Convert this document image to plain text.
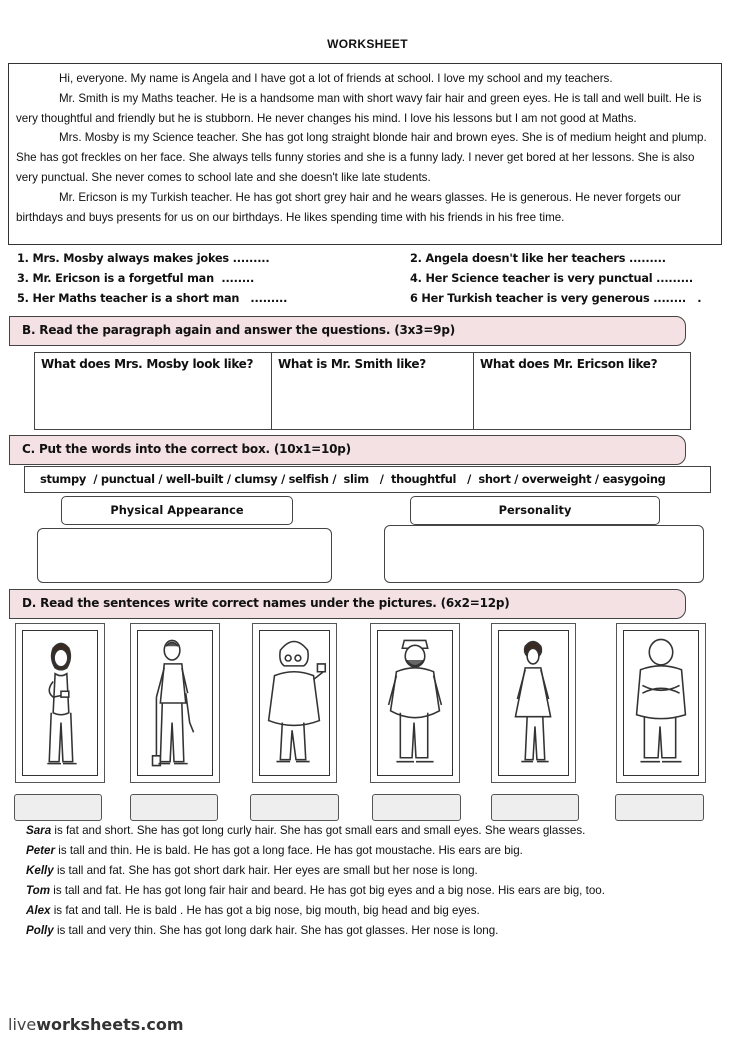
WORKSHEET

Hi, everyone. My name is Angela and I have got a lot of friends at school. I love my school and my teachers.

Mr. Smith is my Maths teacher. He is a handsome man with short wavy fair hair and green eyes. He is tall and well built. He is very thoughtful and friendly but he is stubborn. He never changes his mind. I love his lessons but I am not good at Maths.

Mrs. Mosby is my Science teacher. She has got long straight blonde hair and brown eyes. She is of medium height and plump. She has got freckles on her face. She always tells funny stories and she is a funny lady. I never get bored at her lessons. She is also very punctual. She never comes to school late and she doesn't like late students.

Mr. Ericson is my Turkish teacher. He has got short grey hair and he wears glasses. He is generous. He never forgets our birthdays and buys presents for us on our birthdays. He likes spending time with his friends in his free time.

1. Mrs. Mosby always makes jokes .........	2. Angela doesn't like her teachers .........
3. Mr. Ericson is a forgetful man  ........	4. Her Science teacher is very punctual .........
5. Her Maths teacher is a short man   .........	6 Her Turkish teacher is very generous ........   .
B. Read the paragraph again and answer the questions. (3x3=9p)
What does Mrs. Mosby look like?	What is Mr. Smith like?	What does Mr. Ericson like?
C. Put the words into the correct box. (10x1=10p)
stumpy  / punctual / well-built / clumsy / selfish /  slim   /  thoughtful   /  short / overweight / easygoing
Physical Appearance	Personality
D. Read the sentences write correct names under the pictures. (6x2=12p)
Sara is fat and short. She has got long curly hair. She has got small ears and small eyes. She wears glasses.
Peter is tall and thin. He is bald. He has got a long face. He has got moustache. His ears are big.
Kelly is tall and fat. She has got short dark hair. Her eyes are small but her nose is long.
Tom is tall and fat. He has got long fair hair and beard. He has got big eyes and a big nose. His ears are big, too.
Alex is fat and tall. He is bald . He has got a big nose, big mouth, big head and big eyes.
Polly is tall and very thin. She has got long dark hair. She has got glasses. Her nose is long.
liveworksheets.com
